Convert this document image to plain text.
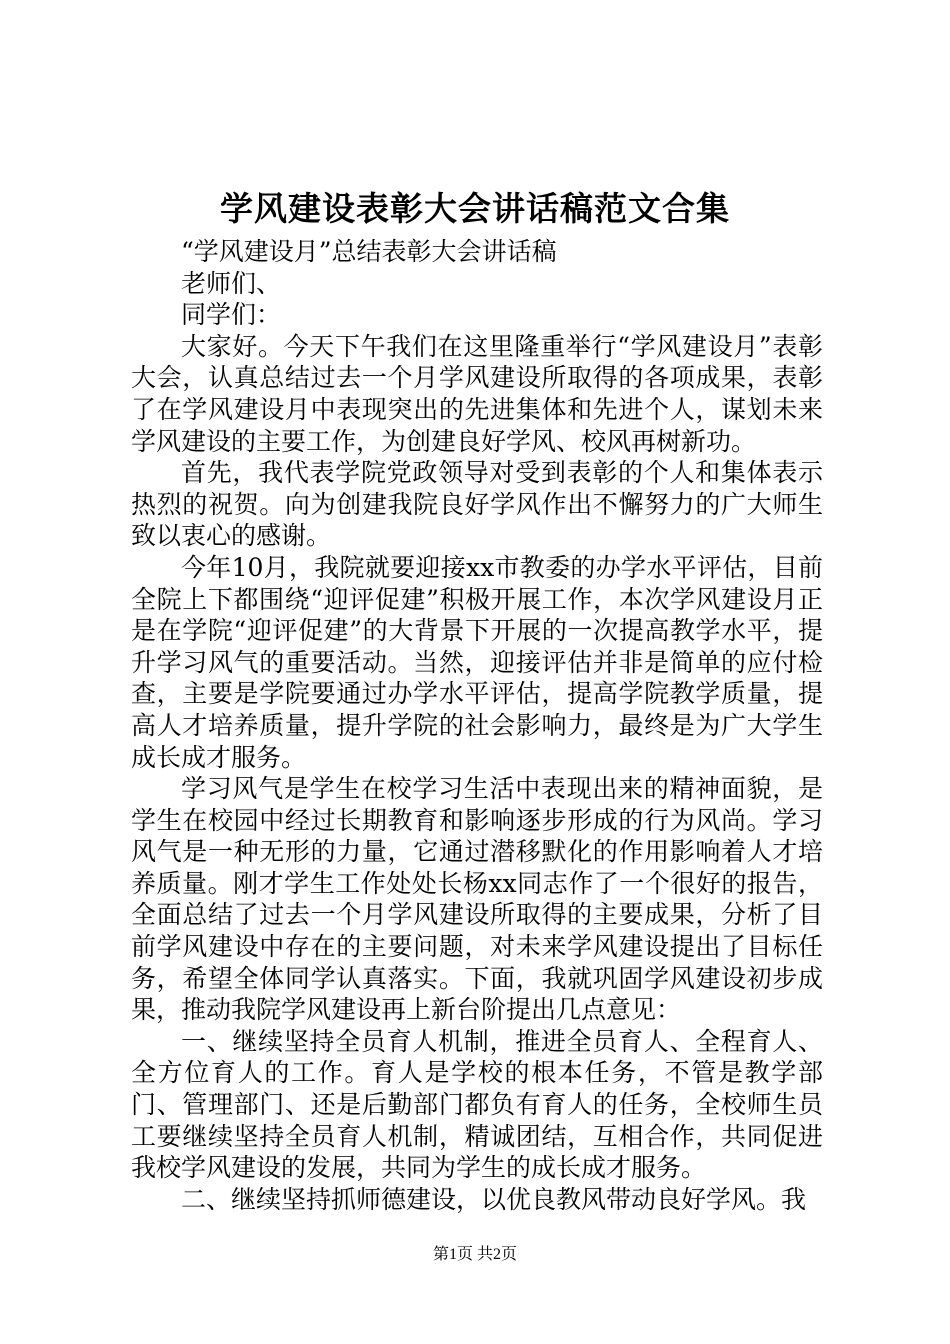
学风建设表彰大会讲话稿范文合集

“学风建设月”总结表彰大会讲话稿

老师们、

同学们：

大家好。今天下午我们在这里隆重举行“学风建设月”表彰大会，认真总结过去一个月学风建设所取得的各项成果，表彰了在学风建设月中表现突出的先进集体和先进个人，谋划未来学风建设的主要工作，为创建良好学风、校风再树新功。

首先，我代表学院党政领导对受到表彰的个人和集体表示热烈的祝贺。向为创建我院良好学风作出不懈努力的广大师生致以衷心的感谢。

今年10月，我院就要迎接xx市教委的办学水平评估，目前全院上下都围绕“迎评促建”积极开展工作，本次学风建设月正是在学院“迎评促建”的大背景下开展的一次提高教学水平，提升学习风气的重要活动。当然，迎接评估并非是简单的应付检查，主要是学院要通过办学水平评估，提高学院教学质量，提高人才培养质量，提升学院的社会影响力，最终是为广大学生成长成才服务。

学习风气是学生在校学习生活中表现出来的精神面貌，是学生在校园中经过长期教育和影响逐步形成的行为风尚。学习风气是一种无形的力量，它通过潜移默化的作用影响着人才培养质量。刚才学生工作处处长杨xx同志作了一个很好的报告，全面总结了过去一个月学风建设所取得的主要成果，分析了目前学风建设中存在的主要问题，对未来学风建设提出了目标任务，希望全体同学认真落实。下面，我就巩固学风建设初步成果，推动我院学风建设再上新台阶提出几点意见：

一、继续坚持全员育人机制，推进全员育人、全程育人、全方位育人的工作。育人是学校的根本任务，不管是教学部门、管理部门、还是后勤部门都负有育人的任务，全校师生员工要继续坚持全员育人机制，精诚团结，互相合作，共同促进我校学风建设的发展，共同为学生的成长成才服务。

二、继续坚持抓师德建设，以优良教风带动良好学风。我

第1页 共2页
